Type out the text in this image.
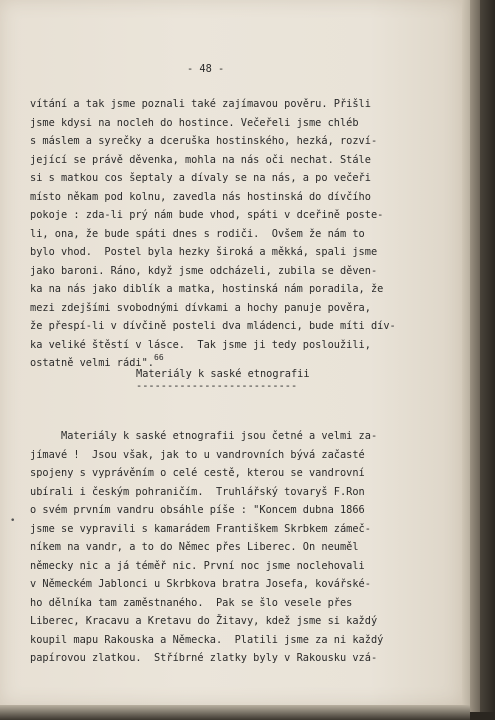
- 48 -
vítání a tak jsme poznali také zajímavou pověru. Přišli
jsme kdysi na nocleh do hostince. Večeřeli jsme chléb
s máslem a syrečky a dceruška hostinského, hezká, rozví-
jející se právě děvenka, mohla na nás oči nechat. Stále
si s matkou cos šeptaly a dívaly se na nás, a po večeři
místo někam pod kolnu, zavedla nás hostinská do dívčího
pokoje : zda-li prý nám bude vhod, spáti v dceřině poste-
li, ona, že bude spáti dnes s rodiči.  Ovšem že nám to
bylo vhod.  Postel byla hezky široká a měkká, spali jsme
jako baroni. Ráno, když jsme odcházeli, zubila se děven-
ka na nás jako diblík a matka, hostinská nám poradila, že
mezi zdejšími svobodnými dívkami a hochy panuje pověra,
že přespí-li v dívčině posteli dva mládenci, bude míti dív-
ka veliké štěstí v lásce.  Tak jsme ji tedy posloužili,
ostatně velmi rádi".$^{66}$
Materiály k saské etnografii
--------------------------
Materiály k saské etnografii jsou četné a velmi za-
jímavé !  Jsou však, jak to u vandrovních bývá začasté
spojeny s vyprávěním o celé cestě, kterou se vandrovní
ubírali i českým pohraničím.  Truhlářský tovaryš F.Ron
o svém prvním vandru obsáhle píše : "Koncem dubna 1866
jsme se vypravili s kamarádem Františkem Skrbkem zámeč-
níkem na vandr, a to do Němec přes Liberec. On neuměl
německy nic a já téměř nic. První noc jsme noclehovali
v Německém Jablonci u Skrbkova bratra Josefa, kovářské-
ho dělníka tam zaměstnaného.  Pak se šlo vesele přes
Liberec, Kracavu a Kretavu do Žitavy, kdež jsme si každý
koupil mapu Rakouska a Německa.  Platili jsme za ni každý
papírovou zlatkou.  Stříbrné zlatky byly v Rakousku vzá-
•
